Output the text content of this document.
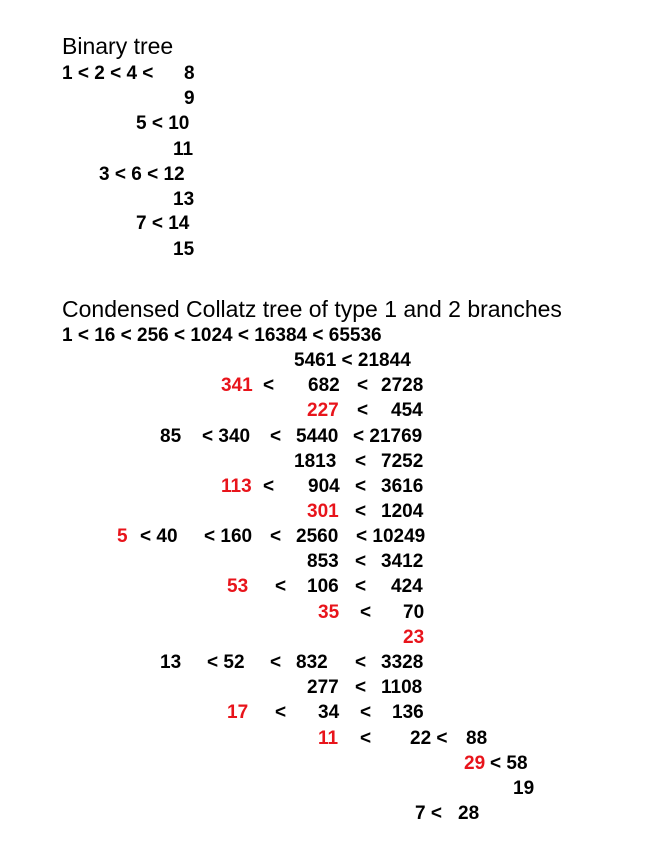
Binary tree
1 < 2 < 4 < 8
9
5 < 10
11
3 < 6 < 12
13
7 < 14
15
Condensed Collatz tree of type 1 and 2 branches
1 < 16 < 256 < 1024 < 16384 < 65536
5461 < 21844
341 < 682 < 2728
227 < 454
85 < 340 < 5440 < 21769
1813 < 7252
113 < 904 < 3616
301 < 1204
5 < 40 < 160 < 2560 < 10249
853 < 3412
53 < 106 < 424
35 < 70
23
13 < 52 < 832 < 3328
277 < 1108
17 < 34 < 136
11 < 22 < 88
29 < 58
19
7 < 28
